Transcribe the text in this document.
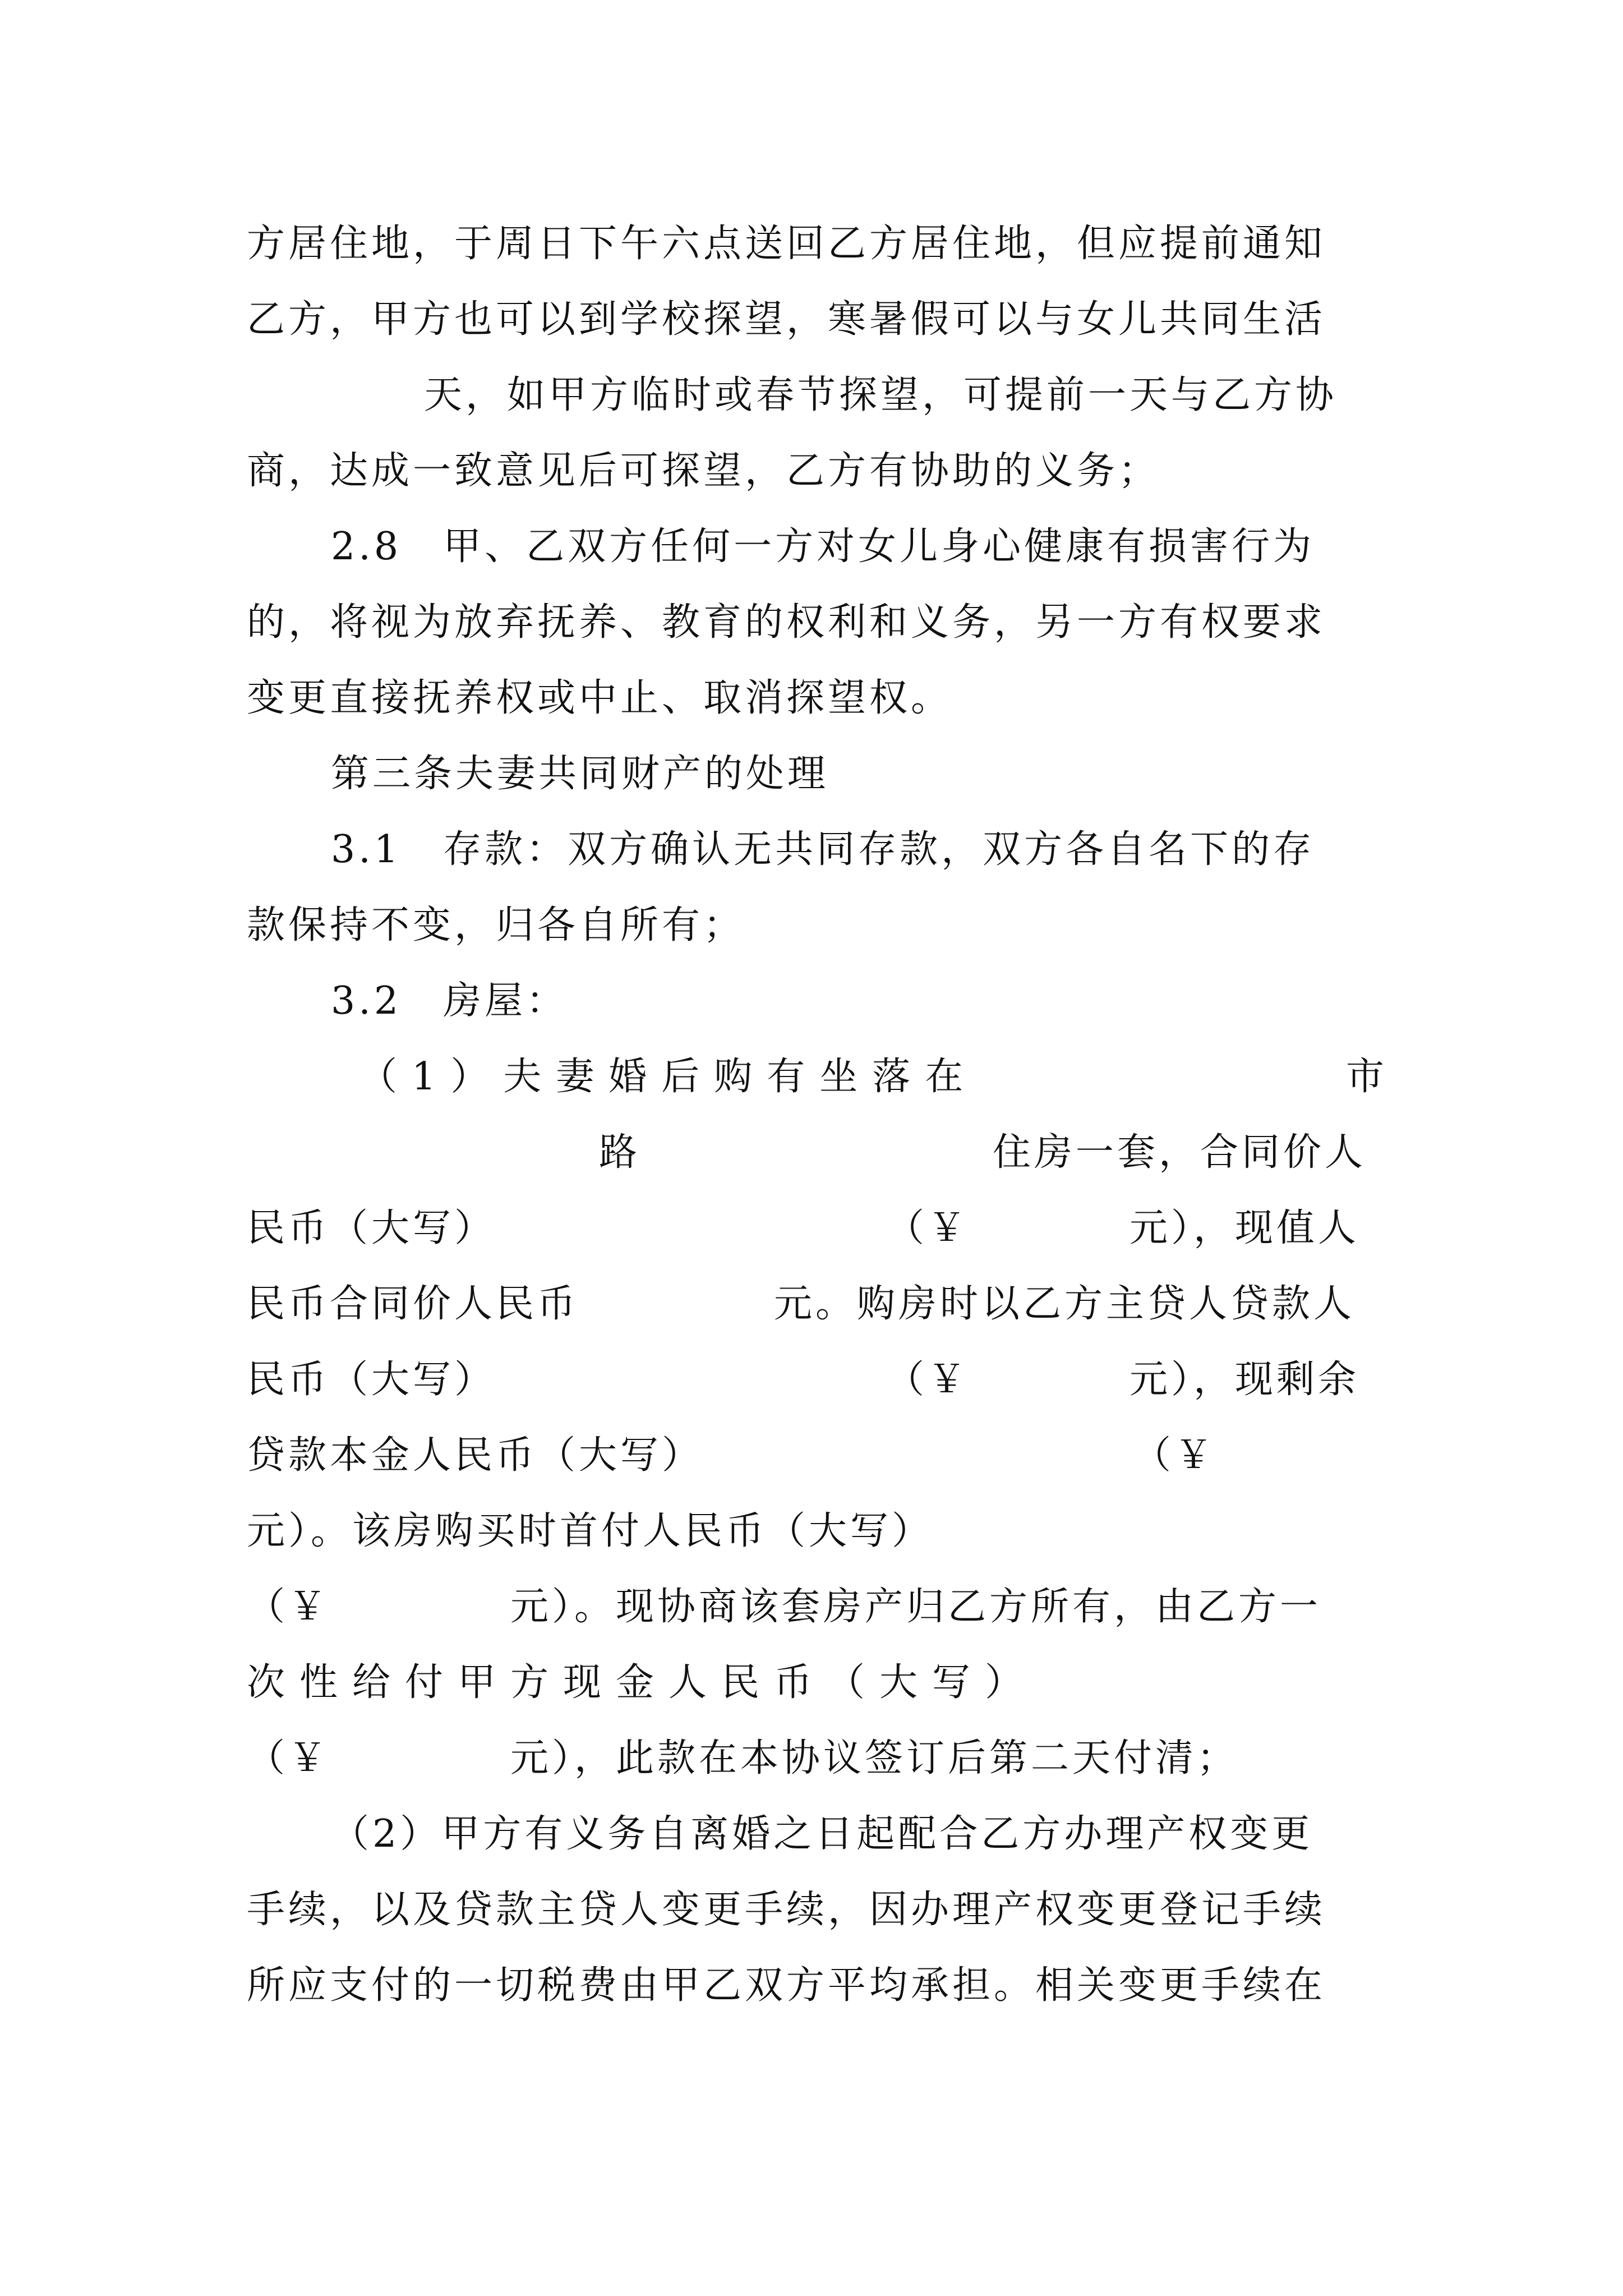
方居住地，于周日下午六点送回乙方居住地，但应提前通知
乙方，甲方也可以到学校探望，寒暑假可以与女儿共同生活
天，如甲方临时或春节探望，可提前一天与乙方协
商，达成一致意见后可探望，乙方有协助的义务；
2.8　甲、乙双方任何一方对女儿身心健康有损害行为
的，将视为放弃抚养、教育的权利和义务，另一方有权要求
变更直接抚养权或中止、取消探望权。
第三条夫妻共同财产的处理
3.1　存款：双方确认无共同存款，双方各自名下的存
款保持不变，归各自所有；
3.2　房屋：
（1）夫妻婚后购有坐落在	市
路	住房一套，合同价人
民币（大写）	（￥	元），现值人
民币合同价人民币	元。购房时以乙方主贷人贷款人
民币（大写）	（￥	元），现剩余
贷款本金人民币（大写）	（￥
元）。该房购买时首付人民币（大写）
（￥	元）。现协商该套房产归乙方所有，由乙方一
次性给付甲方现金人民币（大写）
（￥	元），此款在本协议签订后第二天付清；
（2）甲方有义务自离婚之日起配合乙方办理产权变更
手续，以及贷款主贷人变更手续，因办理产权变更登记手续
所应支付的一切税费由甲乙双方平均承担。相关变更手续在
